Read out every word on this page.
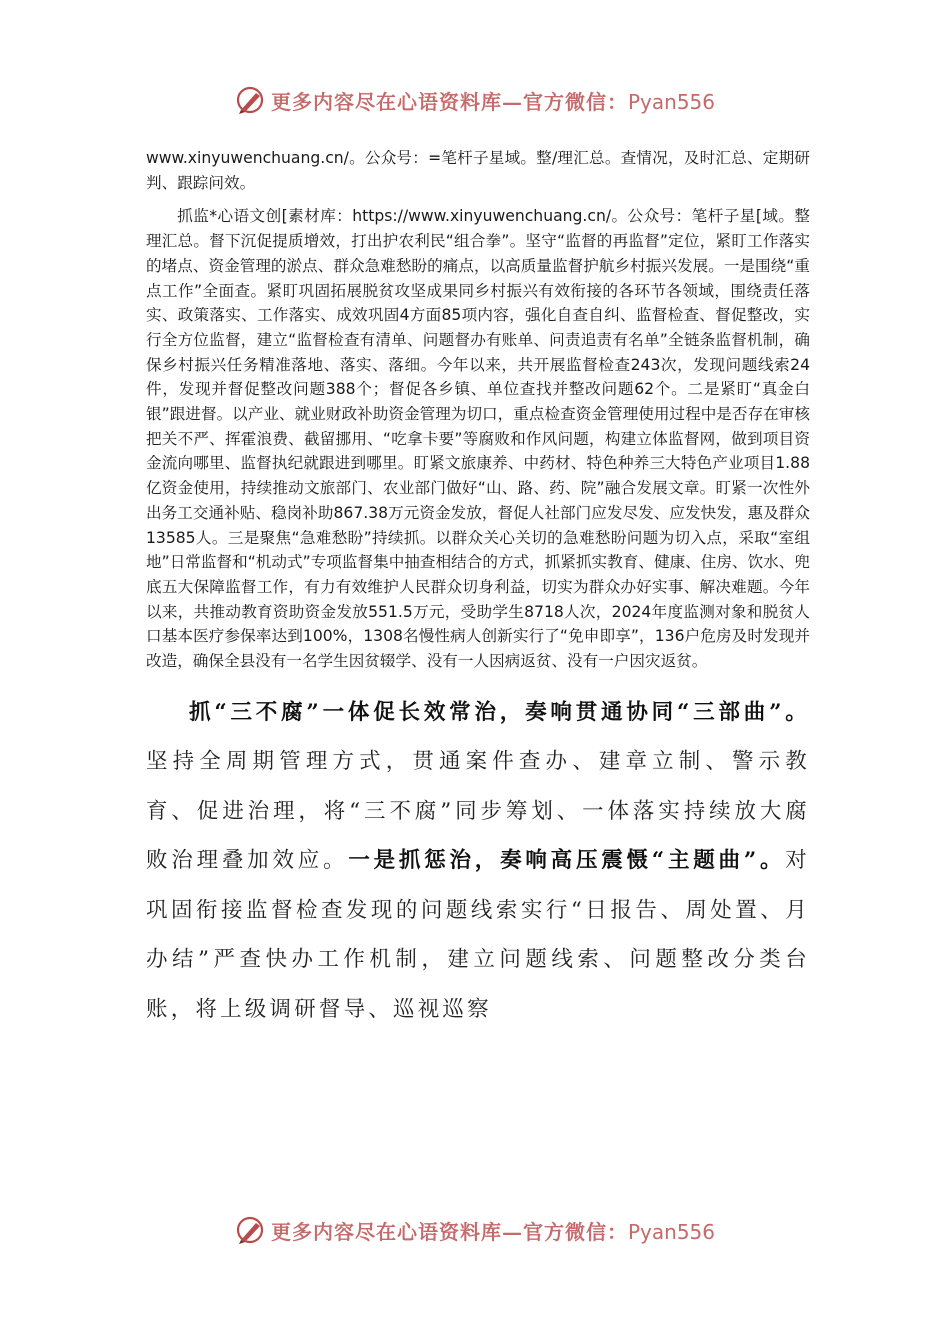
更多内容尽在心语资料库—官方微信：Pyan556

www.xinyuwenchuang.cn/。公众号：=笔杆子星域。整/理汇总。查情况，及时汇总、定期研判、跟踪问效。

抓监*心语文创[素材库：https://www.xinyuwenchuang.cn/。公众号：笔杆子星[域。整理汇总。督下沉促提质增效，打出护农利民“组合拳”。坚守“监督的再监督”定位，紧盯工作落实的堵点、资金管理的淤点、群众急难愁盼的痛点，以高质量监督护航乡村振兴发展。一是围绕“重点工作”全面查。紧盯巩固拓展脱贫攻坚成果同乡村振兴有效衔接的各环节各领域，围绕责任落实、政策落实、工作落实、成效巩固4方面85项内容，强化自查自纠、监督检查、督促整改，实行全方位监督，建立“监督检查有清单、问题督办有账单、问责追责有名单”全链条监督机制，确保乡村振兴任务精准落地、落实、落细。今年以来，共开展监督检查243次，发现问题线索24件，发现并督促整改问题388个；督促各乡镇、单位查找并整改问题62个。二是紧盯“真金白银”跟进督。以产业、就业财政补助资金管理为切口，重点检查资金管理使用过程中是否存在审核把关不严、挥霍浪费、截留挪用、“吃拿卡要”等腐败和作风问题，构建立体监督网，做到项目资金流向哪里、监督执纪就跟进到哪里。盯紧文旅康养、中药材、特色种养三大特色产业项目1.88亿资金使用，持续推动文旅部门、农业部门做好“山、路、药、院”融合发展文章。盯紧一次性外出务工交通补贴、稳岗补助867.38万元资金发放，督促人社部门应发尽发、应发快发，惠及群众13585人。三是聚焦“急难愁盼”持续抓。以群众关心关切的急难愁盼问题为切入点，采取“室组地”日常监督和“机动式”专项监督集中抽查相结合的方式，抓紧抓实教育、健康、住房、饮水、兜底五大保障监督工作，有力有效维护人民群众切身利益，切实为群众办好实事、解决难题。今年以来，共推动教育资助资金发放551.5万元，受助学生8718人次，2024年度监测对象和脱贫人口基本医疗参保率达到100%，1308名慢性病人创新实行了“免申即享”，136户危房及时发现并改造，确保全县没有一名学生因贫辍学、没有一人因病返贫、没有一户因灾返贫。

抓“三不腐”一体促长效常治，奏响贯通协同“三部曲”。坚持全周期管理方式，贯通案件查办、建章立制、警示教育、促进治理，将“三不腐”同步筹划、一体落实持续放大腐败治理叠加效应。一是抓惩治，奏响高压震慑“主题曲”。对巩固衔接监督检查发现的问题线索实行“日报告、周处置、月办结”严查快办工作机制，建立问题线索、问题整改分类台账，将上级调研督导、巡视巡察

更多内容尽在心语资料库—官方微信：Pyan556
